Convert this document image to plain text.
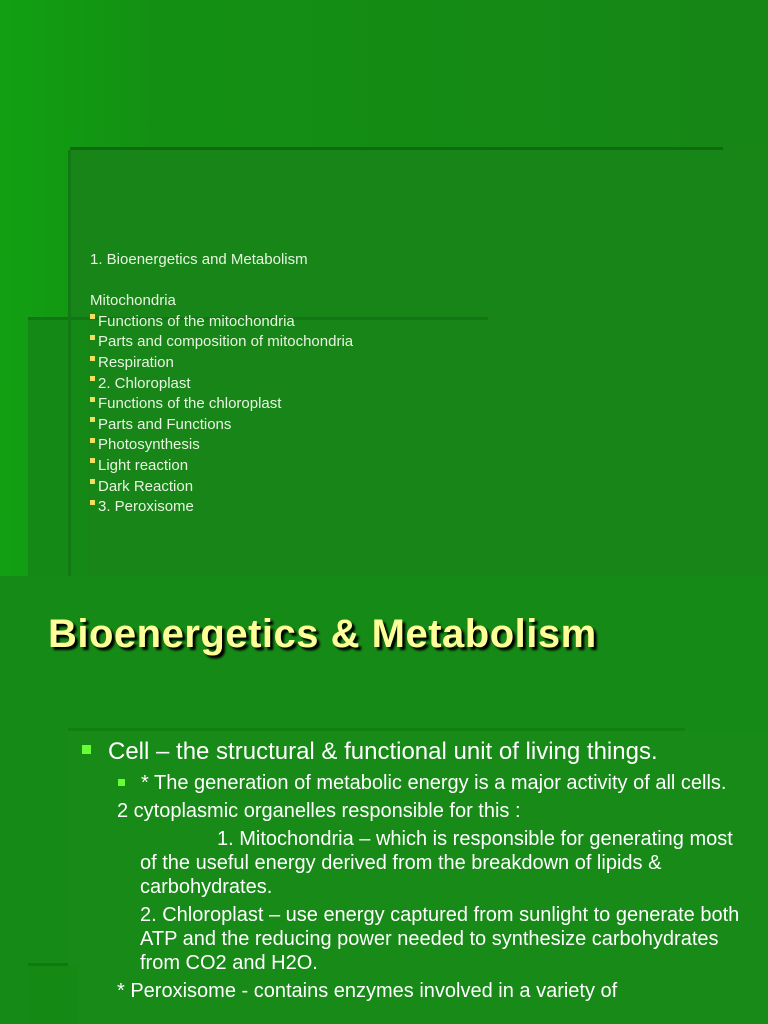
1. Bioenergetics and Metabolism
Mitochondria
Functions of the mitochondria
Parts and composition of mitochondria
Respiration
2. Chloroplast
Functions of the chloroplast
Parts and Functions
Photosynthesis
Light reaction
Dark Reaction
3. Peroxisome
Bioenergetics & Metabolism
Cell – the structural & functional unit of living things.
* The generation of metabolic energy is a major activity of all cells.
2 cytoplasmic organelles responsible for this :
1. Mitochondria – which is responsible for generating most of the useful energy derived from the breakdown of lipids & carbohydrates.
2. Chloroplast – use energy captured from sunlight to generate both ATP and the reducing power needed to synthesize carbohydrates from CO2 and H2O.
* Peroxisome - contains enzymes involved in a variety of
